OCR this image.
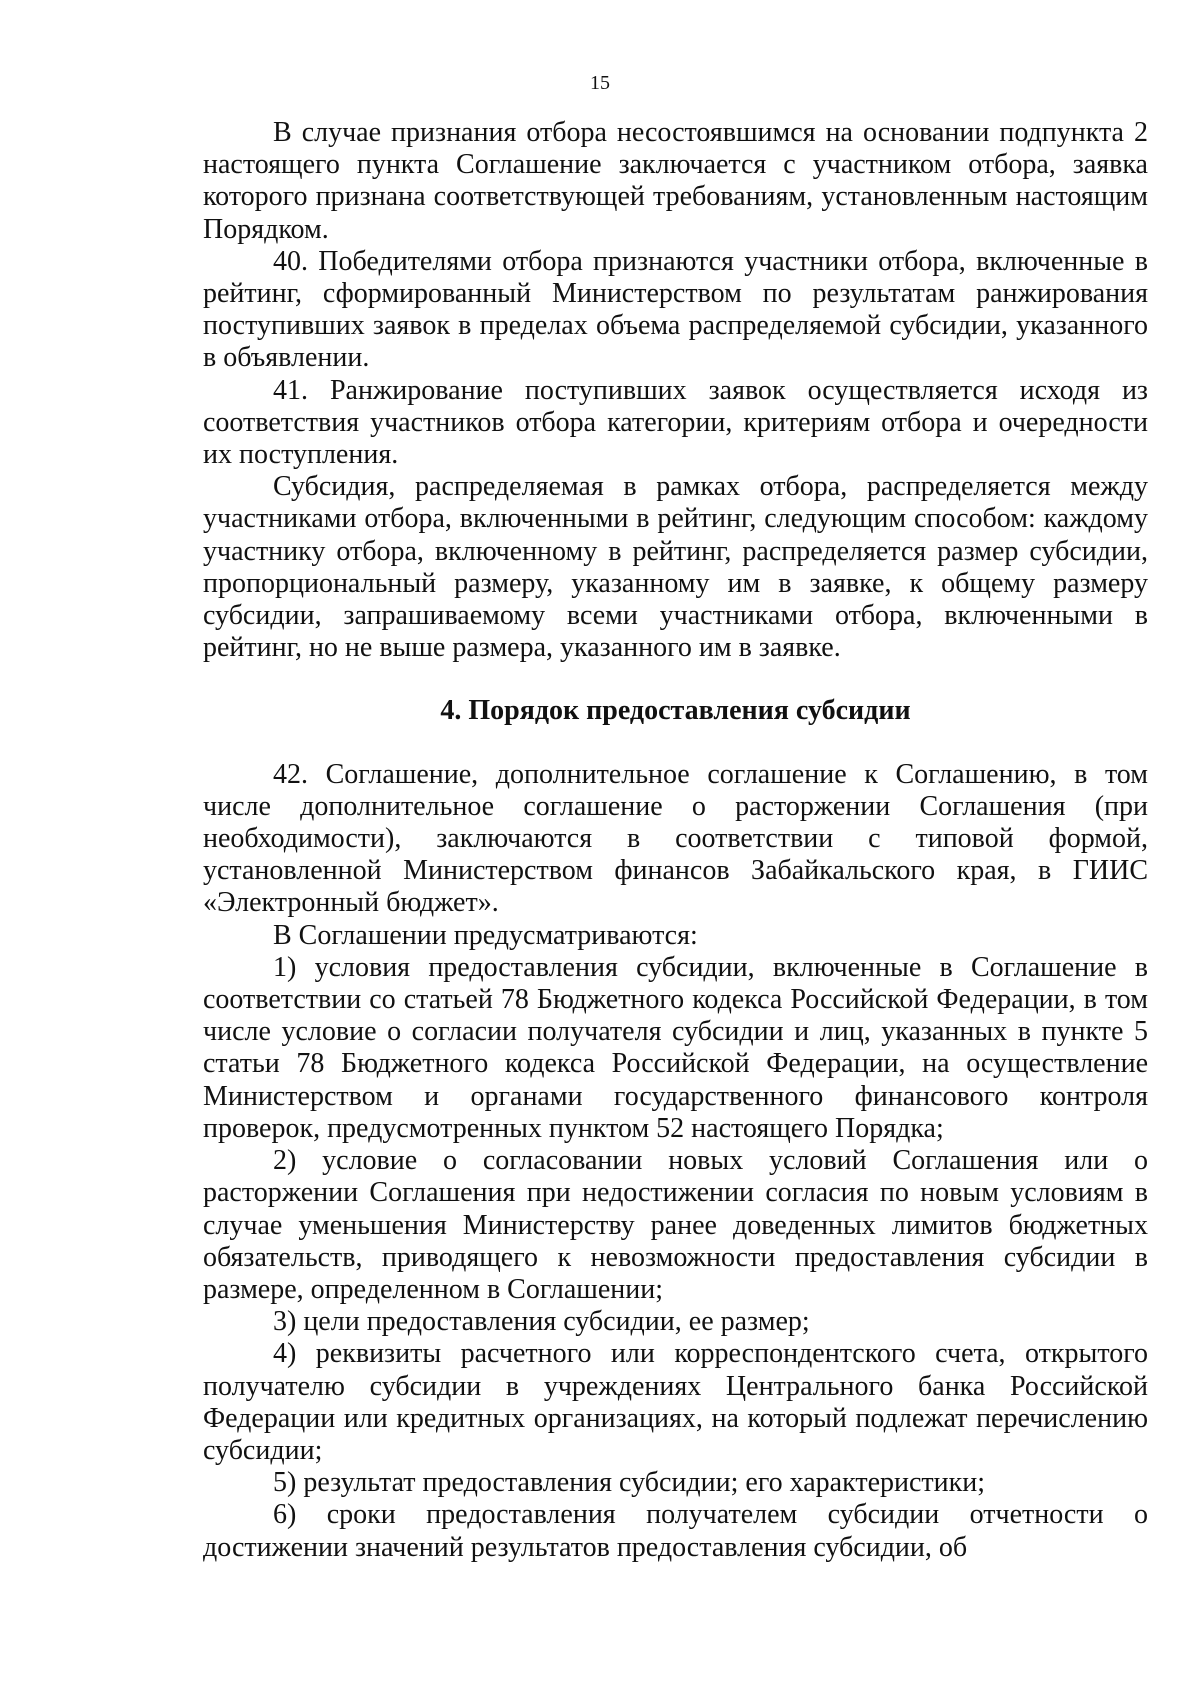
15

В случае признания отбора несостоявшимся на основании подпункта 2 настоящего пункта Соглашение заключается с участником отбора, заявка которого признана соответствующей требованиям, установленным настоящим Порядком.

40. Победителями отбора признаются участники отбора, включенные в рейтинг, сформированный Министерством по результатам ранжирования поступивших заявок в пределах объема распределяемой субсидии, указанного в объявлении.

41. Ранжирование поступивших заявок осуществляется исходя из соответствия участников отбора категории, критериям отбора и очередности их поступления.

Субсидия, распределяемая в рамках отбора, распределяется между участниками отбора, включенными в рейтинг, следующим способом: каждому участнику отбора, включенному в рейтинг, распределяется размер субсидии, пропорциональный размеру, указанному им в заявке, к общему размеру субсидии, запрашиваемому всеми участниками отбора, включенными в рейтинг, но не выше размера, указанного им в заявке.

4. Порядок предоставления субсидии

42. Соглашение, дополнительное соглашение к Соглашению, в том числе дополнительное соглашение о расторжении Соглашения (при необходимости), заключаются в соответствии с типовой формой, установленной Министерством финансов Забайкальского края, в ГИИС «Электронный бюджет».

В Соглашении предусматриваются:

1) условия предоставления субсидии, включенные в Соглашение в соответствии со статьей 78 Бюджетного кодекса Российской Федерации, в том числе условие о согласии получателя субсидии и лиц, указанных в пункте 5 статьи 78 Бюджетного кодекса Российской Федерации, на осуществление Министерством и органами государственного финансового контроля проверок, предусмотренных пунктом 52 настоящего Порядка;

2) условие о согласовании новых условий Соглашения или о расторжении Соглашения при недостижении согласия по новым условиям в случае уменьшения Министерству ранее доведенных лимитов бюджетных обязательств, приводящего к невозможности предоставления субсидии в размере, определенном в Соглашении;

3) цели предоставления субсидии, ее размер;

4) реквизиты расчетного или корреспондентского счета, открытого получателю субсидии в учреждениях Центрального банка Российской Федерации или кредитных организациях, на который подлежат перечислению субсидии;

5) результат предоставления субсидии; его характеристики;

6) сроки предоставления получателем субсидии отчетности о достижении значений результатов предоставления субсидии, об
